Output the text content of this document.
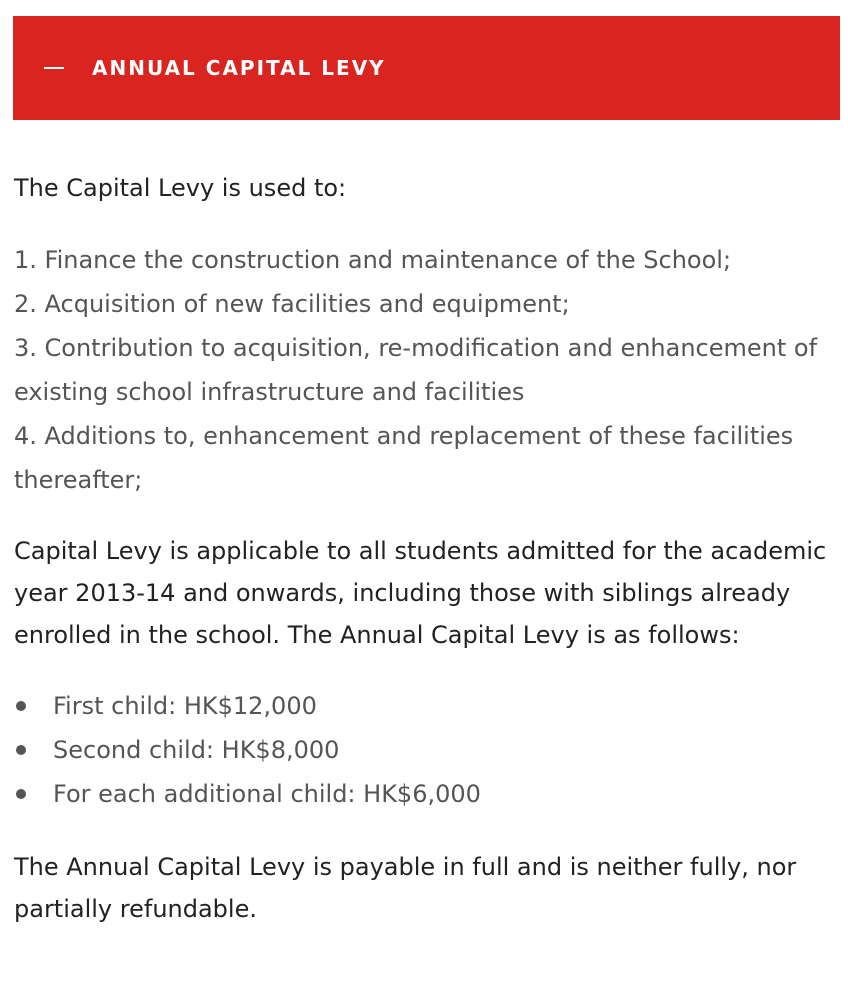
ANNUAL CAPITAL LEVY

The Capital Levy is used to:

1. Finance the construction and maintenance of the School;
2. Acquisition of new facilities and equipment;
3. Contribution to acquisition, re-modification and enhancement of existing school infrastructure and facilities
4. Additions to, enhancement and replacement of these facilities thereafter;

Capital Levy is applicable to all students admitted for the academic year 2013-14 and onwards, including those with siblings already enrolled in the school. The Annual Capital Levy is as follows:

First child: HK$12,000
Second child: HK$8,000
For each additional child: HK$6,000

The Annual Capital Levy is payable in full and is neither fully, nor partially refundable.
